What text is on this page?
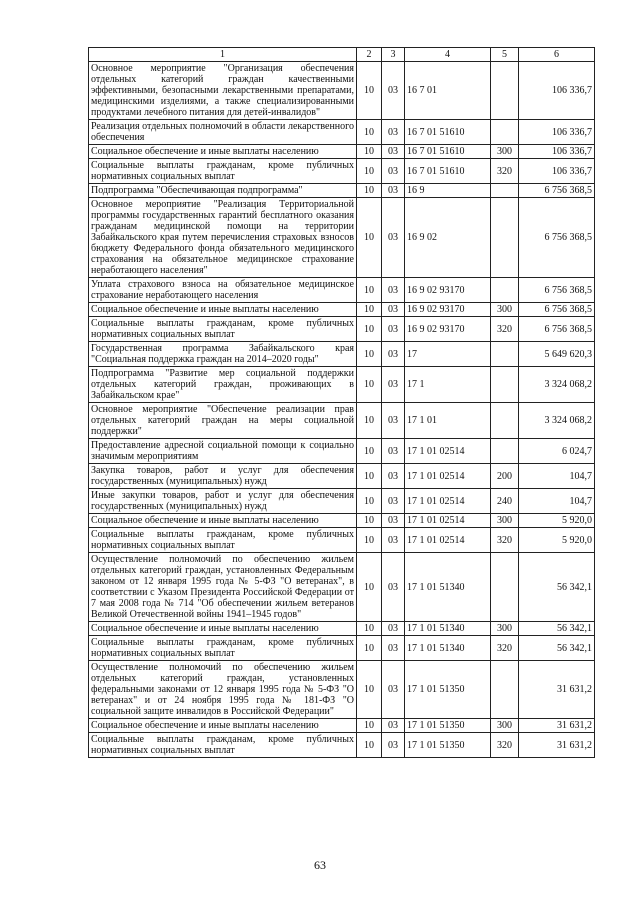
1	2	3	4	5	6
Основное мероприятие "Организация обеспечения отдельных категорий граждан качественными эффективными, безопасными лекарственными препаратами, медицинскими изделиями, а также специализированными продуктами лечебного питания для детей-инвалидов"	10	03	16 7 01		106 336,7
Реализация отдельных полномочий в области лекарственного обеспечения	10	03	16 7 01 51610		106 336,7
Социальное обеспечение и иные выплаты населению	10	03	16 7 01 51610	300	106 336,7
Социальные выплаты гражданам, кроме публичных нормативных социальных выплат	10	03	16 7 01 51610	320	106 336,7
Подпрограмма "Обеспечивающая подпрограмма"	10	03	16 9		6 756 368,5
Основное мероприятие "Реализация Территориальной программы государственных гарантий бесплатного оказания гражданам медицинской помощи на территории Забайкальского края путем перечисления страховых взносов бюджету Федерального фонда обязательного медицинского страхования на обязательное медицинское страхование неработающего населения"	10	03	16 9 02		6 756 368,5
Уплата страхового взноса на обязательное медицинское страхование неработающего населения	10	03	16 9 02 93170		6 756 368,5
Социальное обеспечение и иные выплаты населению	10	03	16 9 02 93170	300	6 756 368,5
Социальные выплаты гражданам, кроме публичных нормативных социальных выплат	10	03	16 9 02 93170	320	6 756 368,5
Государственная программа Забайкальского края "Социальная поддержка граждан на 2014–2020 годы"	10	03	17		5 649 620,3
Подпрограмма "Развитие мер социальной поддержки отдельных категорий граждан, проживающих в Забайкальском крае"	10	03	17 1		3 324 068,2
Основное мероприятие "Обеспечение реализации прав отдельных категорий граждан на меры социальной поддержки"	10	03	17 1 01		3 324 068,2
Предоставление адресной социальной помощи к социально значимым мероприятиям	10	03	17 1 01 02514		6 024,7
Закупка товаров, работ и услуг для обеспечения государственных (муниципальных) нужд	10	03	17 1 01 02514	200	104,7
Иные закупки товаров, работ и услуг для обеспечения государственных (муниципальных) нужд	10	03	17 1 01 02514	240	104,7
Социальное обеспечение и иные выплаты населению	10	03	17 1 01 02514	300	5 920,0
Социальные выплаты гражданам, кроме публичных нормативных социальных выплат	10	03	17 1 01 02514	320	5 920,0
Осуществление полномочий по обеспечению жильем отдельных категорий граждан, установленных Федеральным законом от 12 января 1995 года № 5-ФЗ "О ветеранах", в соответствии с Указом Президента Российской Федерации от 7 мая 2008 года № 714 "Об обеспечении жильем ветеранов Великой Отечественной войны 1941–1945 годов"	10	03	17 1 01 51340		56 342,1
Социальное обеспечение и иные выплаты населению	10	03	17 1 01 51340	300	56 342,1
Социальные выплаты гражданам, кроме публичных нормативных социальных выплат	10	03	17 1 01 51340	320	56 342,1
Осуществление полномочий по обеспечению жильем отдельных категорий граждан, установленных федеральными законами от 12 января 1995 года № 5-ФЗ "О ветеранах" и от 24 ноября 1995 года № 181-ФЗ "О социальной защите инвалидов в Российской Федерации"	10	03	17 1 01 51350		31 631,2
Социальное обеспечение и иные выплаты населению	10	03	17 1 01 51350	300	31 631,2
Социальные выплаты гражданам, кроме публичных нормативных социальных выплат	10	03	17 1 01 51350	320	31 631,2
63
